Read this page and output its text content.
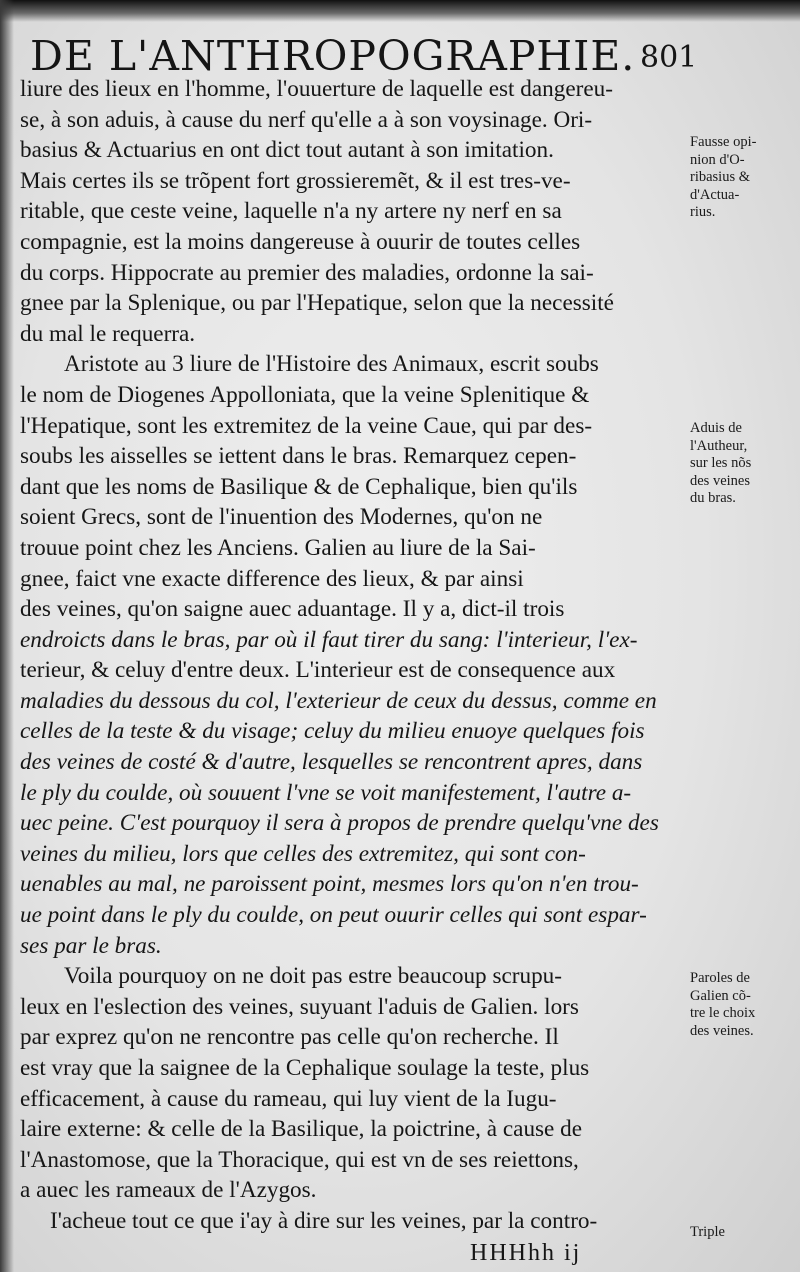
DE L'ANTHROPOGRAPHIE. 801
liure des lieux en l'homme, l'ouuerture de laquelle est dangereu-
se, à son aduis, à cause du nerf qu'elle a à son voysinage. Ori-
basius & Actuarius en ont dict tout autant à son imitation.
Mais certes ils se trõpent fort grossieremẽt, & il est tres-ve-
ritable, que ceste veine, laquelle n'a ny artere ny nerf en sa
compagnie, est la moins dangereuse à ouurir de toutes celles
du corps. Hippocrate au premier des maladies, ordonne la sai-
gnee par la Splenique, ou par l'Hepatique, selon que la necessité
du mal le requerra.
Aristote au 3 liure de l'Histoire des Animaux, escrit soubs
le nom de Diogenes Appolloniata, que la veine Splenitique &
l'Hepatique, sont les extremitez de la veine Caue, qui par des-
soubs les aisselles se iettent dans le bras. Remarquez cepen-
dant que les noms de Basilique & de Cephalique, bien qu'ils
soient Grecs, sont de l'inuention des Modernes, qu'on ne
trouue point chez les Anciens. Galien au liure de la Sai-
gnee, faict vne exacte difference des lieux, & par ainsi
des veines, qu'on saigne auec aduantage. Il y a, dict-il trois
endroicts dans le bras, par où il faut tirer du sang: l'interieur, l'ex-
terieur, & celuy d'entre deux. L'interieur est de consequence aux
maladies du dessous du col, l'exterieur de ceux du dessus, comme en
celles de la teste & du visage; celuy du milieu enuoye quelques fois
des veines de costé & d'autre, lesquelles se rencontrent apres, dans
le ply du coulde, où souuent l'vne se voit manifestement, l'autre a-
uec peine. C'est pourquoy il sera à propos de prendre quelqu'vne des
veines du milieu, lors que celles des extremitez, qui sont con-
uenables au mal, ne paroissent point, mesmes lors qu'on n'en trou-
ue point dans le ply du coulde, on peut ouurir celles qui sont espar-
ses par le bras.
Voila pourquoy on ne doit pas estre beaucoup scrupu-
leux en l'eslection des veines, suyuant l'aduis de Galien. lors
par exprez qu'on ne rencontre pas celle qu'on recherche. Il
est vray que la saignee de la Cephalique soulage la teste, plus
efficacement, à cause du rameau, qui luy vient de la Iugu-
laire externe: & celle de la Basilique, la poictrine, à cause de
l'Anastomose, que la Thoracique, qui est vn de ses reiettons,
a auec les rameaux de l'Azygos.
I'acheue tout ce que i'ay à dire sur les veines, par la contro-
Fausse opi-
nion d'O-
ribasius &
d'Actua-
rius.
Aduis de
l'Autheur,
sur les nõs
des veines
du bras.
Paroles de
Galien cõ-
tre le choix
des veines.
Triple
HHHhh ij
